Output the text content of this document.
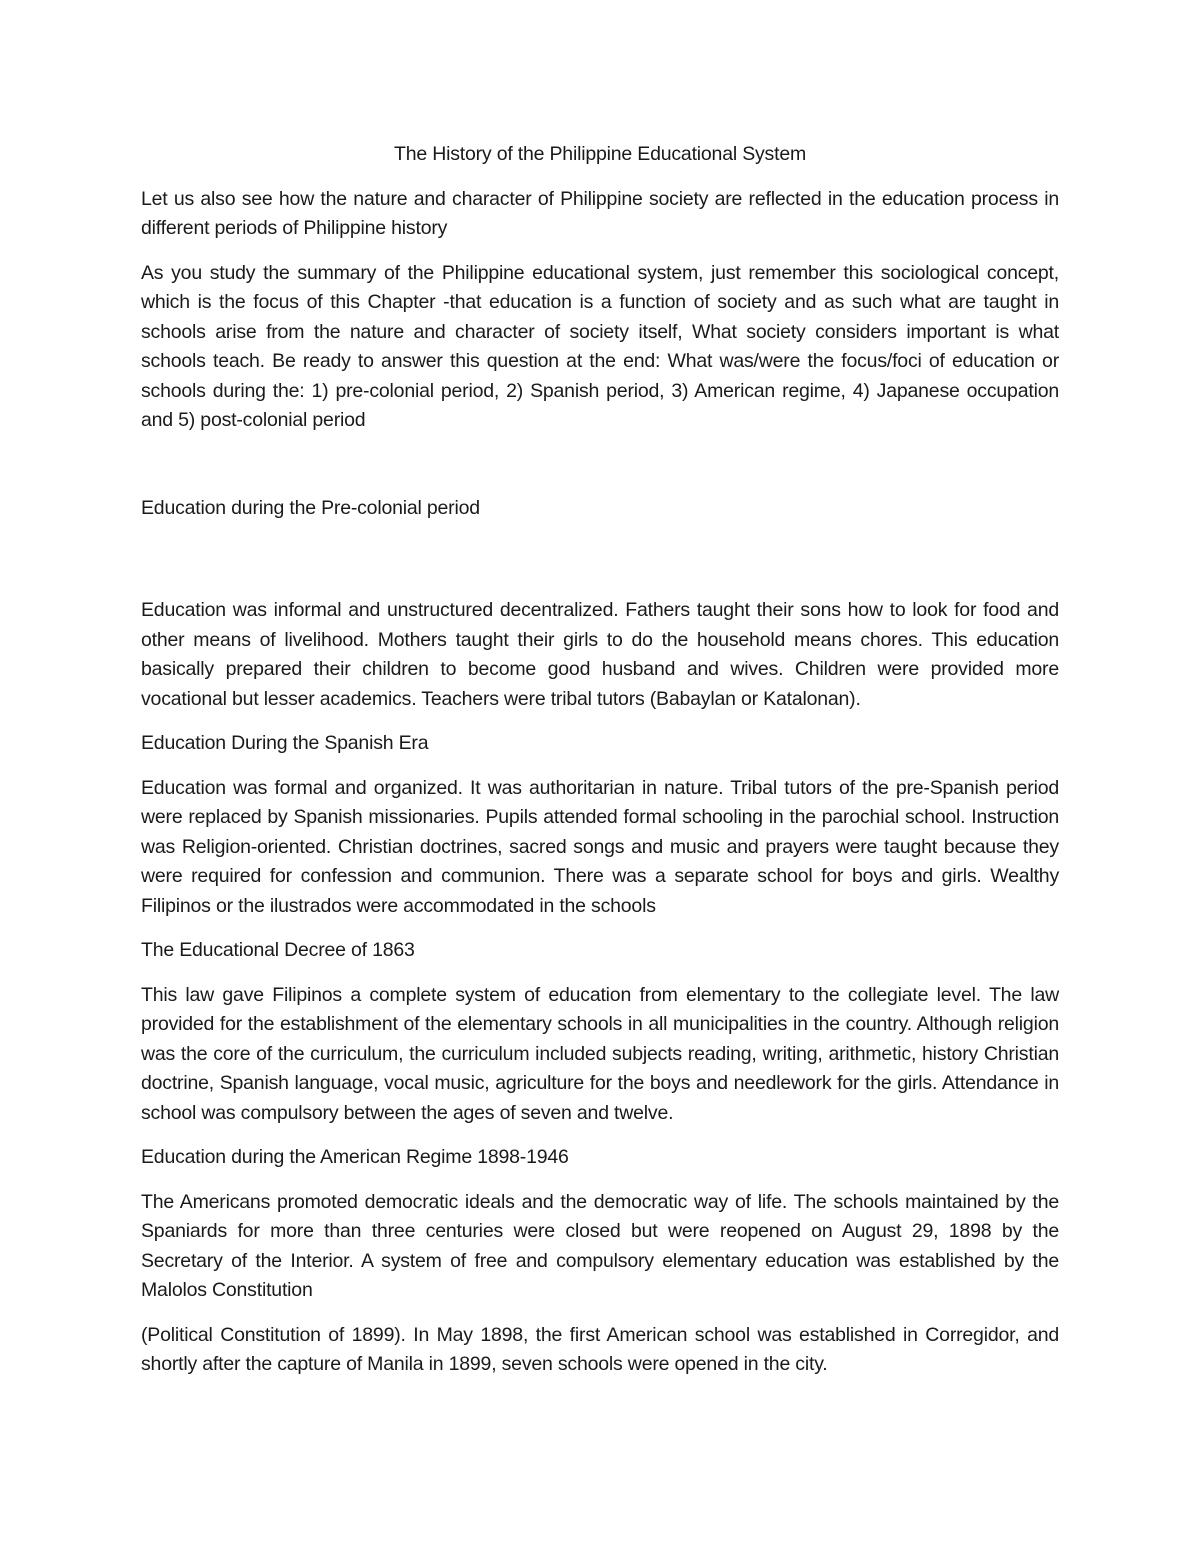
The History of the Philippine Educational System

Let us also see how the nature and character of Philippine society are reflected in the education process in different periods of Philippine history

As you study the summary of the Philippine educational system, just remember this sociological concept, which is the focus of this Chapter -that education is a function of society and as such what are taught in schools arise from the nature and character of society itself, What society considers important is what schools teach. Be ready to answer this question at the end: What was/were the focus/foci of education or schools during the: 1) pre-colonial period, 2) Spanish period, 3) American regime, 4) Japanese occupation and 5) post-colonial period

Education during the Pre-colonial period

Education was informal and unstructured decentralized. Fathers taught their sons how to look for food and other means of livelihood. Mothers taught their girls to do the household means chores. This education basically prepared their children to become good husband and wives. Children were provided more vocational but lesser academics. Teachers were tribal tutors (Babaylan or Katalonan).

Education During the Spanish Era

Education was formal and organized. It was authoritarian in nature. Tribal tutors of the pre-Spanish period were replaced by Spanish missionaries. Pupils attended formal schooling in the parochial school. Instruction was Religion-oriented. Christian doctrines, sacred songs and music and prayers were taught because they were required for confession and communion. There was a separate school for boys and girls. Wealthy Filipinos or the ilustrados were accommodated in the schools

The Educational Decree of 1863

This law gave Filipinos a complete system of education from elementary to the collegiate level. The law provided for the establishment of the elementary schools in all municipalities in the country. Although religion was the core of the curriculum, the curriculum included subjects reading, writing, arithmetic, history Christian doctrine, Spanish language, vocal music, agriculture for the boys and needlework for the girls. Attendance in school was compulsory between the ages of seven and twelve.

Education during the American Regime 1898-1946

The Americans promoted democratic ideals and the democratic way of life. The schools maintained by the Spaniards for more than three centuries were closed but were reopened on August 29, 1898 by the Secretary of the Interior. A system of free and compulsory elementary education was established by the Malolos Constitution

(Political Constitution of 1899). In May 1898, the first American school was established in Corregidor, and shortly after the capture of Manila in 1899, seven schools were opened in the city.
